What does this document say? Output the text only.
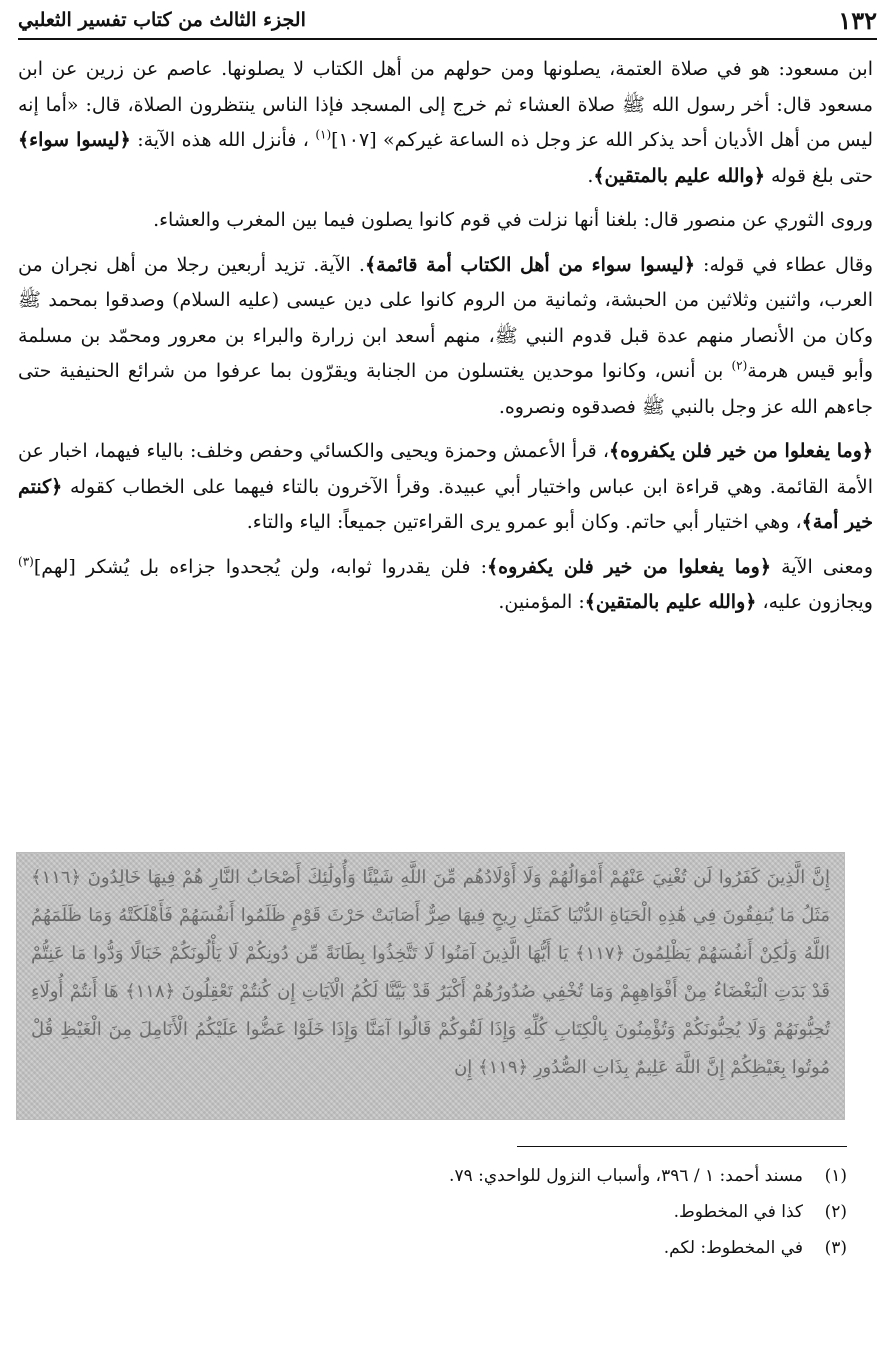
١٣٢
الجزء الثالث من كتاب تفسير الثعلبي

ابن مسعود: هو في صلاة العتمة، يصلونها ومن حولهم من أهل الكتاب لا يصلونها. عاصم عن زرين عن ابن مسعود قال: أخر رسول الله ﷺ صلاة العشاء ثم خرج إلى المسجد فإذا الناس ينتظرون الصلاة، قال: «أما إنه ليس من أهل الأديان أحد يذكر الله عز وجل ذه الساعة غيركم» [١٠٧]$^{(١)}$ ، فأنزل الله هذه الآية: ﴿ليسوا سواء﴾ حتى بلغ قوله ﴿والله عليم بالمتقين﴾.

وروى الثوري عن منصور قال: بلغنا أنها نزلت في قوم كانوا يصلون فيما بين المغرب والعشاء.

وقال عطاء في قوله: ﴿ليسوا سواء من أهل الكتاب أمة قائمة﴾. الآية. تزيد أربعين رجلا من أهل نجران من العرب، واثنين وثلاثين من الحبشة، وثمانية من الروم كانوا على دين عيسى (عليه السلام) وصدقوا بمحمد ﷺ وكان من الأنصار منهم عدة قبل قدوم النبي ﷺ، منهم أسعد ابن زرارة والبراء بن معرور ومحمّد بن مسلمة وأبو قيس هرمة$^{(٢)}$ بن أنس، وكانوا موحدين يغتسلون من الجنابة ويقرّون بما عرفوا من شرائع الحنيفية حتى جاءهم الله عز وجل بالنبي ﷺ فصدقوه ونصروه.

﴿وما يفعلوا من خير فلن يكفروه﴾، قرأ الأعمش وحمزة ويحيى والكسائي وحفص وخلف: بالياء فيهما، اخبار عن الأمة القائمة. وهي قراءة ابن عباس واختيار أبي عبيدة. وقرأ الآخرون بالتاء فيهما على الخطاب كقوله ﴿كنتم خير أمة﴾، وهي اختيار أبي حاتم. وكان أبو عمرو يرى القراءتين جميعاً: الياء والتاء.

ومعنى الآية ﴿وما يفعلوا من خير فلن يكفروه﴾: فلن يقدروا ثوابه، ولن يُجحدوا جزاءه بل يُشكر [لهم]$^{(٣)}$ ويجازون عليه، ﴿والله عليم بالمتقين﴾: المؤمنين.

إِنَّ الَّذِينَ كَفَرُوا لَن تُغْنِيَ عَنْهُمْ أَمْوَالُهُمْ وَلَا أَوْلَادُهُم مِّنَ اللَّهِ شَيْئًا وَأُولَٰئِكَ أَصْحَابُ النَّارِ هُمْ فِيهَا خَالِدُونَ ﴿١١٦﴾ مَثَلُ مَا يُنفِقُونَ فِي هَٰذِهِ الْحَيَاةِ الدُّنْيَا كَمَثَلِ رِيحٍ فِيهَا صِرٌّ أَصَابَتْ حَرْثَ قَوْمٍ ظَلَمُوا أَنفُسَهُمْ فَأَهْلَكَتْهُ وَمَا ظَلَمَهُمُ اللَّهُ وَلَٰكِنْ أَنفُسَهُمْ يَظْلِمُونَ ﴿١١٧﴾ يَا أَيُّهَا الَّذِينَ آمَنُوا لَا تَتَّخِذُوا بِطَانَةً مِّن دُونِكُمْ لَا يَأْلُونَكُمْ خَبَالًا وَدُّوا مَا عَنِتُّمْ قَدْ بَدَتِ الْبَغْضَاءُ مِنْ أَفْوَاهِهِمْ وَمَا تُخْفِي صُدُورُهُمْ أَكْبَرُ قَدْ بَيَّنَّا لَكُمُ الْآيَاتِ إِن كُنتُمْ تَعْقِلُونَ ﴿١١٨﴾ هَا أَنتُمْ أُولَاءِ تُحِبُّونَهُمْ وَلَا يُحِبُّونَكُمْ وَتُؤْمِنُونَ بِالْكِتَابِ كُلِّهِ وَإِذَا لَقُوكُمْ قَالُوا آمَنَّا وَإِذَا خَلَوْا عَضُّوا عَلَيْكُمُ الْأَنَامِلَ مِنَ الْغَيْظِ قُلْ مُوتُوا بِغَيْظِكُمْ إِنَّ اللَّهَ عَلِيمٌ بِذَاتِ الصُّدُورِ ﴿١١٩﴾ إِن
(١)
مسند أحمد: ١ / ٣٩٦، وأسباب النزول للواحدي: ٧٩.
(٢)
كذا في المخطوط.
(٣)
في المخطوط: لكم.
